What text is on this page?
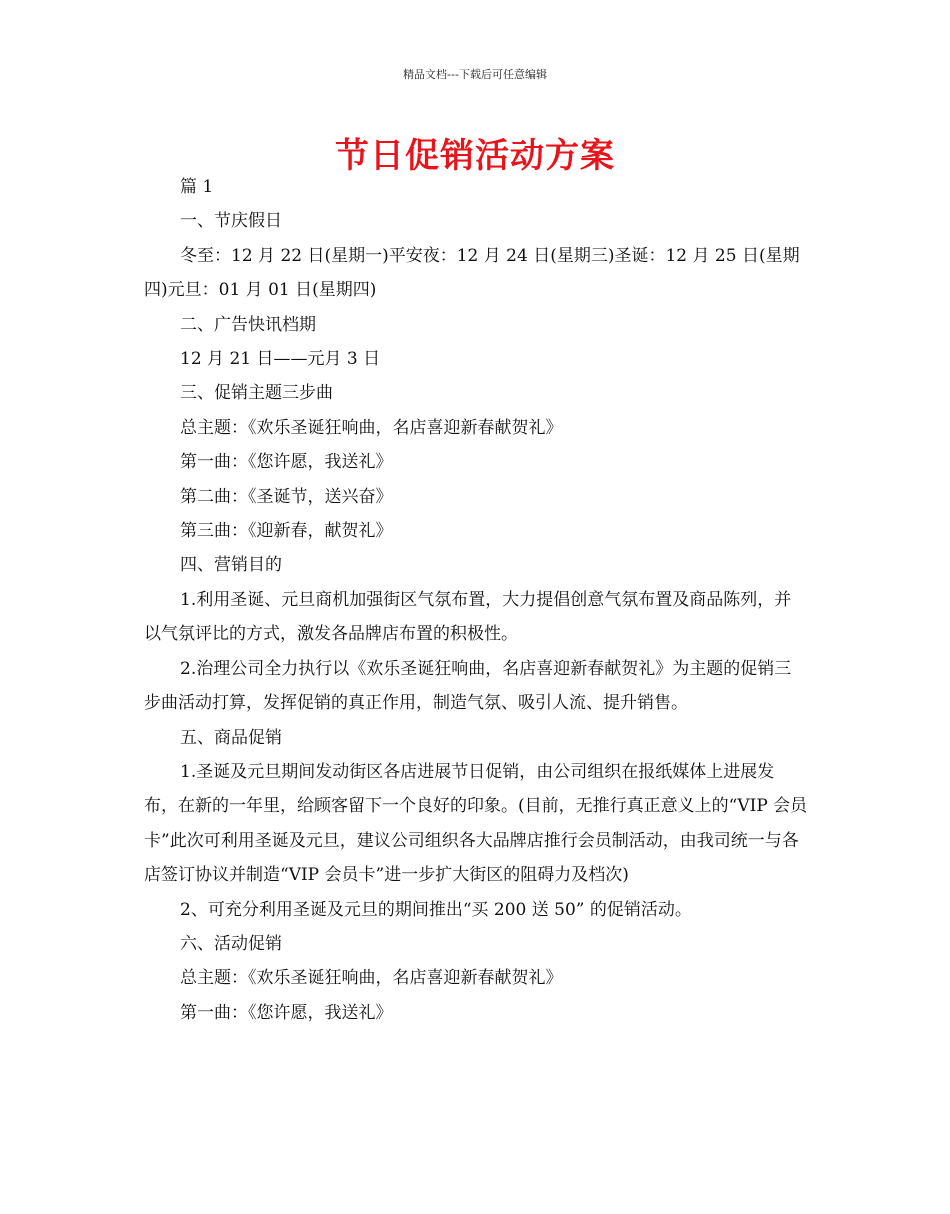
精品文档---下载后可任意编辑
节日促销活动方案

篇 1

一、节庆假日

冬至：12 月 22 日(星期一)平安夜：12 月 24 日(星期三)圣诞：12 月 25 日(星期四)元旦：01 月 01 日(星期四)

二、广告快讯档期

12 月 21 日——元月 3 日

三、促销主题三步曲

总主题：《欢乐圣诞狂响曲，名店喜迎新春献贺礼》

第一曲：《您许愿，我送礼》

第二曲：《圣诞节，送兴奋》

第三曲：《迎新春，献贺礼》

四、营销目的

1.利用圣诞、元旦商机加强街区气氛布置，大力提倡创意气氛布置及商品陈列，并以气氛评比的方式，激发各品牌店布置的积极性。

2.治理公司全力执行以《欢乐圣诞狂响曲，名店喜迎新春献贺礼》为主题的促销三步曲活动打算，发挥促销的真正作用，制造气氛、吸引人流、提升销售。

五、商品促销

1.圣诞及元旦期间发动街区各店进展节日促销，由公司组织在报纸媒体上进展发布，在新的一年里，给顾客留下一个良好的印象。(目前，无推行真正意义上的“VIP 会员卡”此次可利用圣诞及元旦，建议公司组织各大品牌店推行会员制活动，由我司统一与各店签订协议并制造“VIP 会员卡”进一步扩大街区的阻碍力及档次)

2、可充分利用圣诞及元旦的期间推出“买 200 送 50” 的促销活动。

六、活动促销

总主题：《欢乐圣诞狂响曲，名店喜迎新春献贺礼》

第一曲：《您许愿，我送礼》
